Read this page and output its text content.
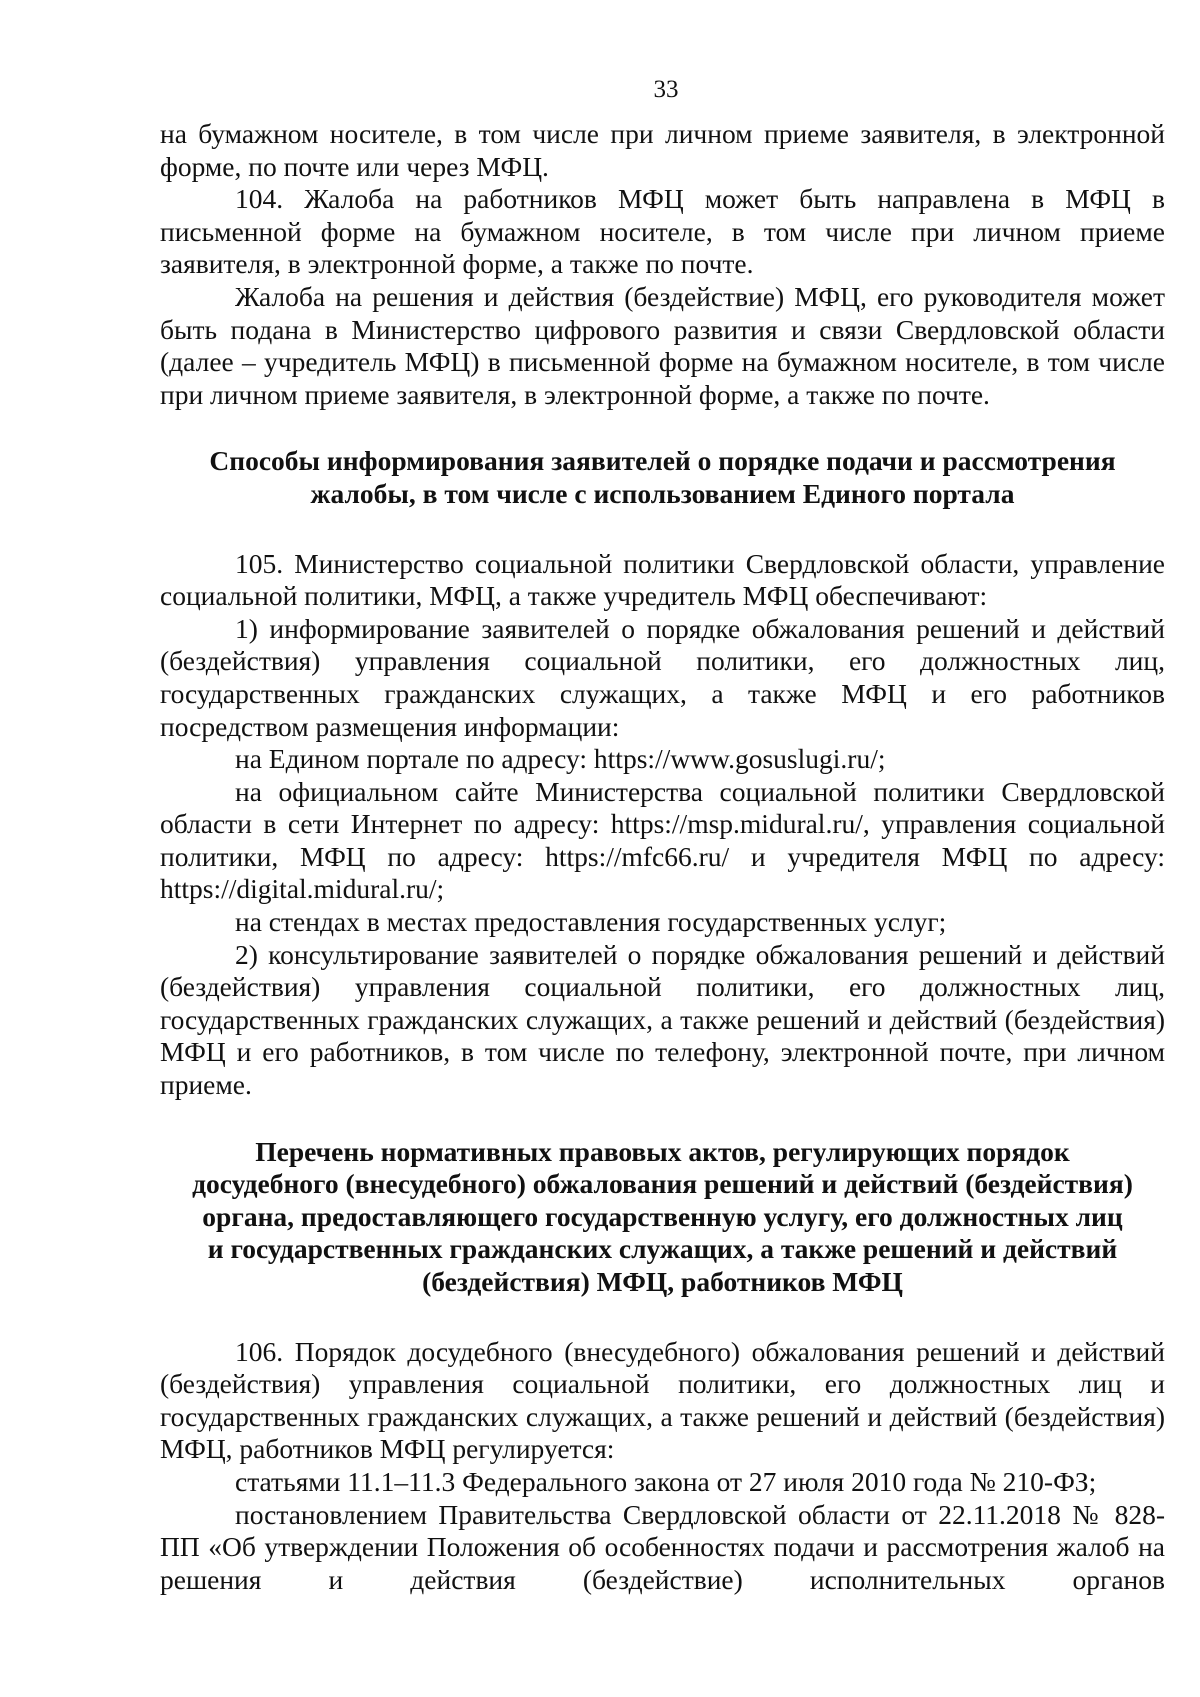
33

на бумажном носителе, в том числе при личном приеме заявителя, в электронной форме, по почте или через МФЦ.

104. Жалоба на работников МФЦ может быть направлена в МФЦ в письменной форме на бумажном носителе, в том числе при личном приеме заявителя, в электронной форме, а также по почте.

Жалоба на решения и действия (бездействие) МФЦ, его руководителя может быть подана в Министерство цифрового развития и связи Свердловской области (далее – учредитель МФЦ) в письменной форме на бумажном носителе, в том числе при личном приеме заявителя, в электронной форме, а также по почте.

Способы информирования заявителей о порядке подачи и рассмотрения
жалобы, в том числе с использованием Единого портала

105. Министерство социальной политики Свердловской области, управление социальной политики, МФЦ, а также учредитель МФЦ обеспечивают:

1) информирование заявителей о порядке обжалования решений и действий (бездействия) управления социальной политики, его должностных лиц, государственных гражданских служащих, а также МФЦ и его работников посредством размещения информации:

на Едином портале по адресу: https://www.gosuslugi.ru/;

на официальном сайте Министерства социальной политики Свердловской области в сети Интернет по адресу: https://msp.midural.ru/, управления социальной политики, МФЦ по адресу: https://mfc66.ru/ и учредителя МФЦ по адресу: https://digital.midural.ru/;

на стендах в местах предоставления государственных услуг;

2) консультирование заявителей о порядке обжалования решений и действий (бездействия) управления социальной политики, его должностных лиц, государственных гражданских служащих, а также решений и действий (бездействия) МФЦ и его работников, в том числе по телефону, электронной почте, при личном приеме.

Перечень нормативных правовых актов, регулирующих порядок
досудебного (внесудебного) обжалования решений и действий (бездействия)
органа, предоставляющего государственную услугу, его должностных лиц
и государственных гражданских служащих, а также решений и действий
(бездействия) МФЦ, работников МФЦ

106. Порядок досудебного (внесудебного) обжалования решений и действий (бездействия) управления социальной политики, его должностных лиц и государственных гражданских служащих, а также решений и действий (бездействия) МФЦ, работников МФЦ регулируется:

статьями 11.1–11.3 Федерального закона от 27 июля 2010 года № 210-ФЗ;

постановлением Правительства Свердловской области от 22.11.2018 № 828-ПП «Об утверждении Положения об особенностях подачи и рассмотрения жалоб на решения и действия (бездействие) исполнительных органов
